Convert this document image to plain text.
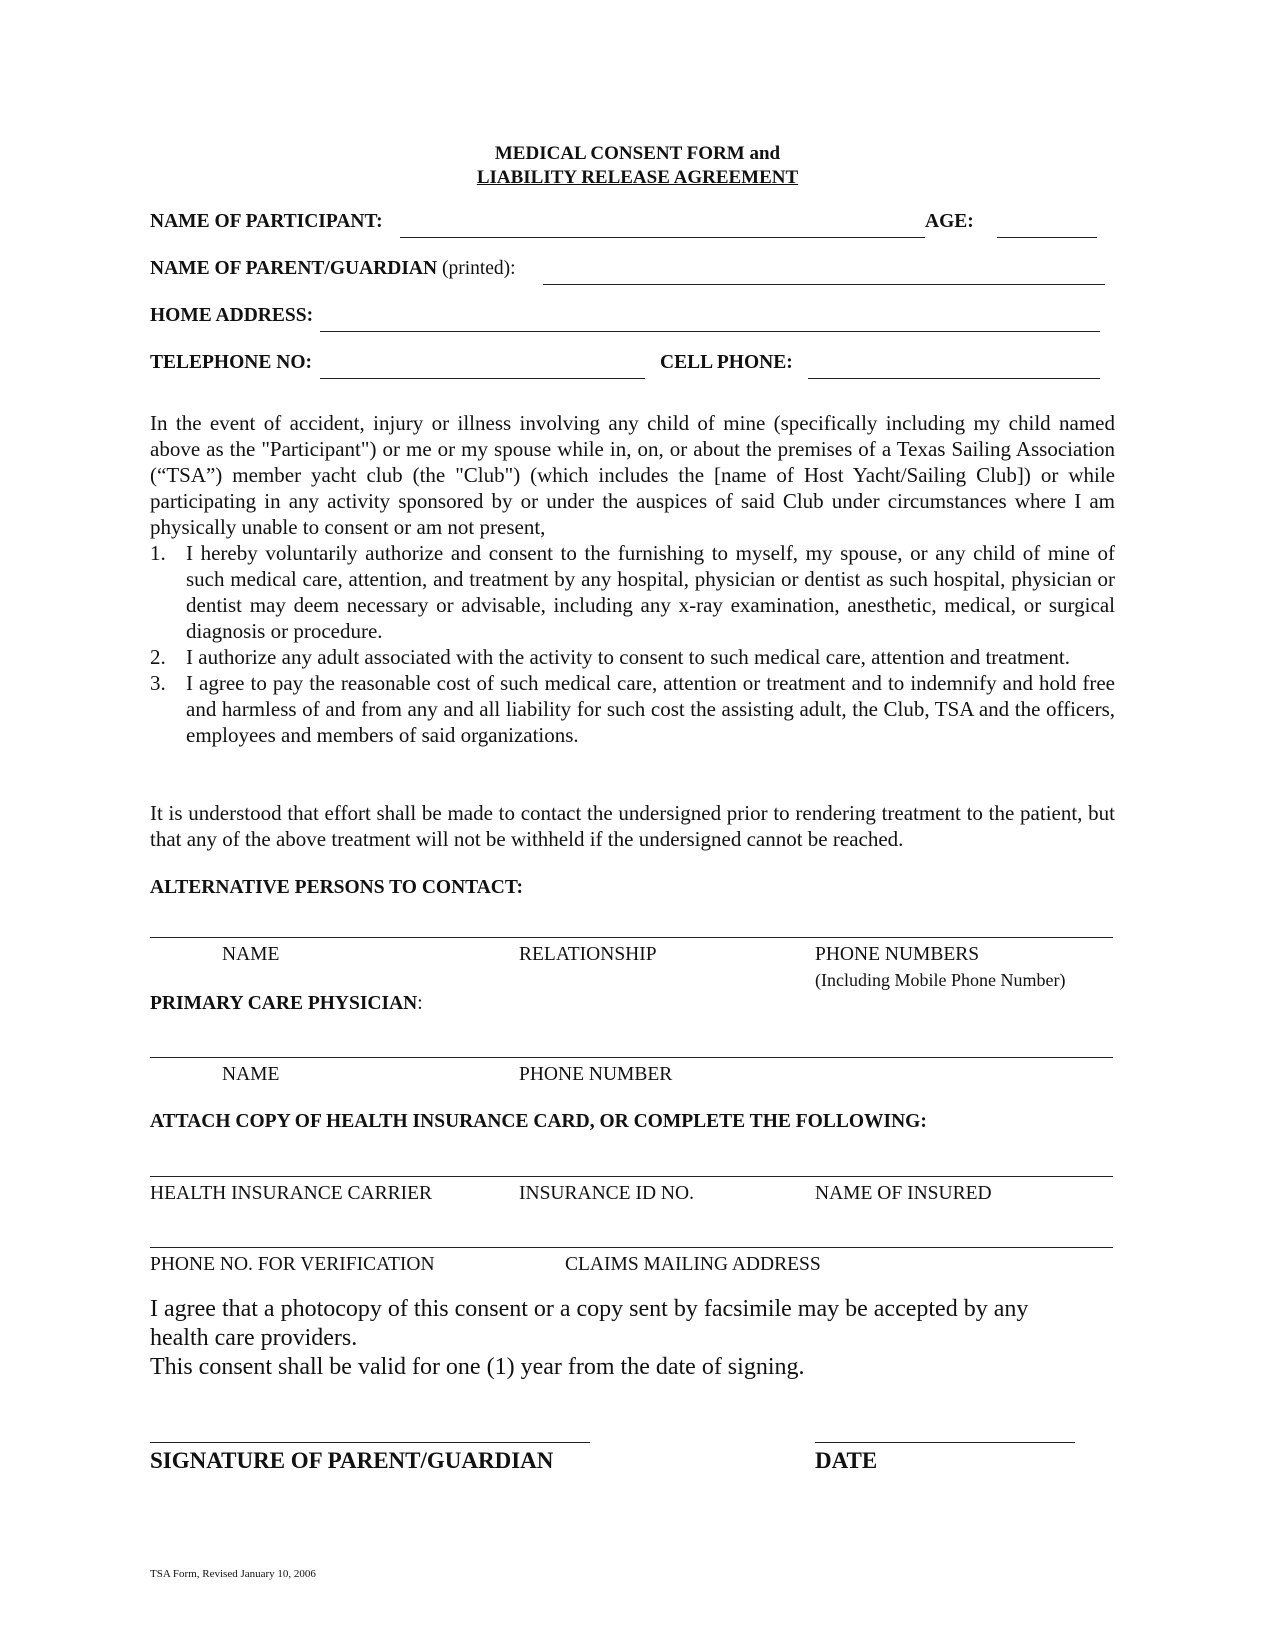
MEDICAL CONSENT FORM and
LIABILITY RELEASE AGREEMENT
NAME OF PARTICIPANT:	AGE:
NAME OF PARENT/GUARDIAN (printed):
HOME ADDRESS:
TELEPHONE NO:	CELL PHONE:
In the event of accident, injury or illness involving any child of mine (specifically including my child named above as the "Participant") or me or my spouse while in, on, or about the premises of a Texas Sailing Association (“TSA”) member yacht club (the "Club") (which includes the [name of Host Yacht/Sailing Club]) or while participating in any activity sponsored by or under the auspices of said Club under circumstances where I am physically unable to consent or am not present,
1. I hereby voluntarily authorize and consent to the furnishing to myself, my spouse, or any child of mine of such medical care, attention, and treatment by any hospital, physician or dentist as such hospital, physician or dentist may deem necessary or advisable, including any x-ray examination, anesthetic, medical, or surgical diagnosis or procedure.
2. I authorize any adult associated with the activity to consent to such medical care, attention and treatment.
3. I agree to pay the reasonable cost of such medical care, attention or treatment and to indemnify and hold free and harmless of and from any and all liability for such cost the assisting adult, the Club, TSA and the officers, employees and members of said organizations.
It is understood that effort shall be made to contact the undersigned prior to rendering treatment to the patient, but that any of the above treatment will not be withheld if the undersigned cannot be reached.
ALTERNATIVE PERSONS TO CONTACT:
NAME	RELATIONSHIP	PHONE NUMBERS
(Including Mobile Phone Number)
PRIMARY CARE PHYSICIAN:
NAME	PHONE NUMBER
ATTACH COPY OF HEALTH INSURANCE CARD, OR COMPLETE THE FOLLOWING:
HEALTH INSURANCE CARRIER	INSURANCE ID NO.	NAME OF INSURED
PHONE NO. FOR VERIFICATION	CLAIMS MAILING ADDRESS
I agree that a photocopy of this consent or a copy sent by facsimile may be accepted by any
health care providers.
This consent shall be valid for one (1) year from the date of signing.
SIGNATURE OF PARENT/GUARDIAN	DATE
TSA Form, Revised January 10, 2006
